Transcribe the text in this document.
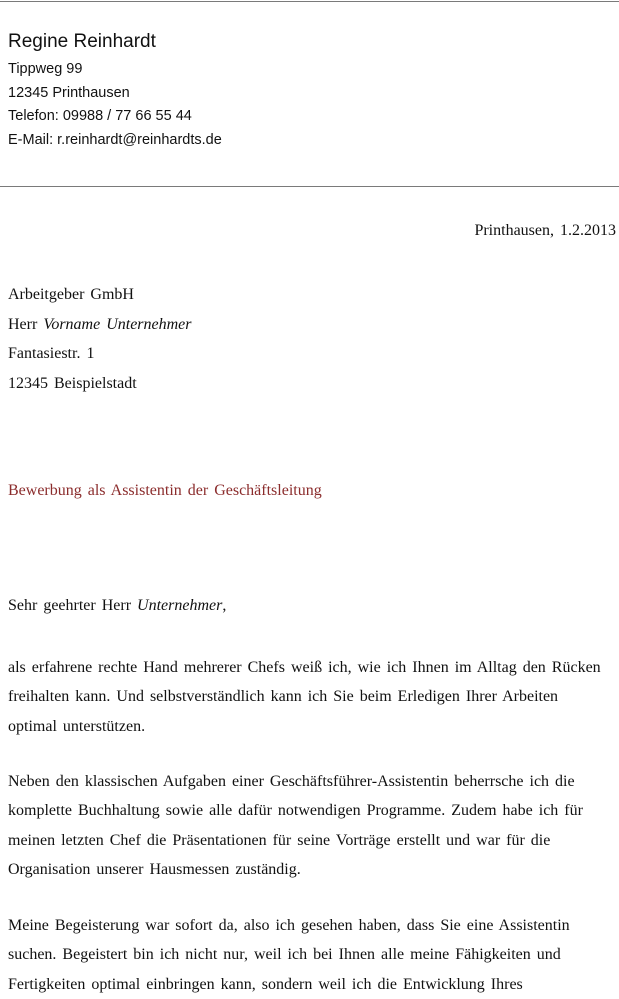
Regine Reinhardt
Tippweg 99
12345 Printhausen
Telefon: 09988 / 77 66 55 44
E-Mail: r.reinhardt@reinhardts.de
Printhausen, 1.2.2013
Arbeitgeber GmbH
Herr Vorname Unternehmer
Fantasiestr. 1
12345 Beispielstadt
Bewerbung als Assistentin der Geschäftsleitung
Sehr geehrter Herr Unternehmer,
als erfahrene rechte Hand mehrerer Chefs weiß ich, wie ich Ihnen im Alltag den Rücken
freihalten kann. Und selbstverständlich kann ich Sie beim Erledigen Ihrer Arbeiten
optimal unterstützen.
Neben den klassischen Aufgaben einer Geschäftsführer-Assistentin beherrsche ich die
komplette Buchhaltung sowie alle dafür notwendigen Programme. Zudem habe ich für
meinen letzten Chef die Präsentationen für seine Vorträge erstellt und war für die
Organisation unserer Hausmessen zuständig.
Meine Begeisterung war sofort da, also ich gesehen haben, dass Sie eine Assistentin
suchen. Begeistert bin ich nicht nur, weil ich bei Ihnen alle meine Fähigkeiten und
Fertigkeiten optimal einbringen kann, sondern weil ich die Entwicklung Ihres
